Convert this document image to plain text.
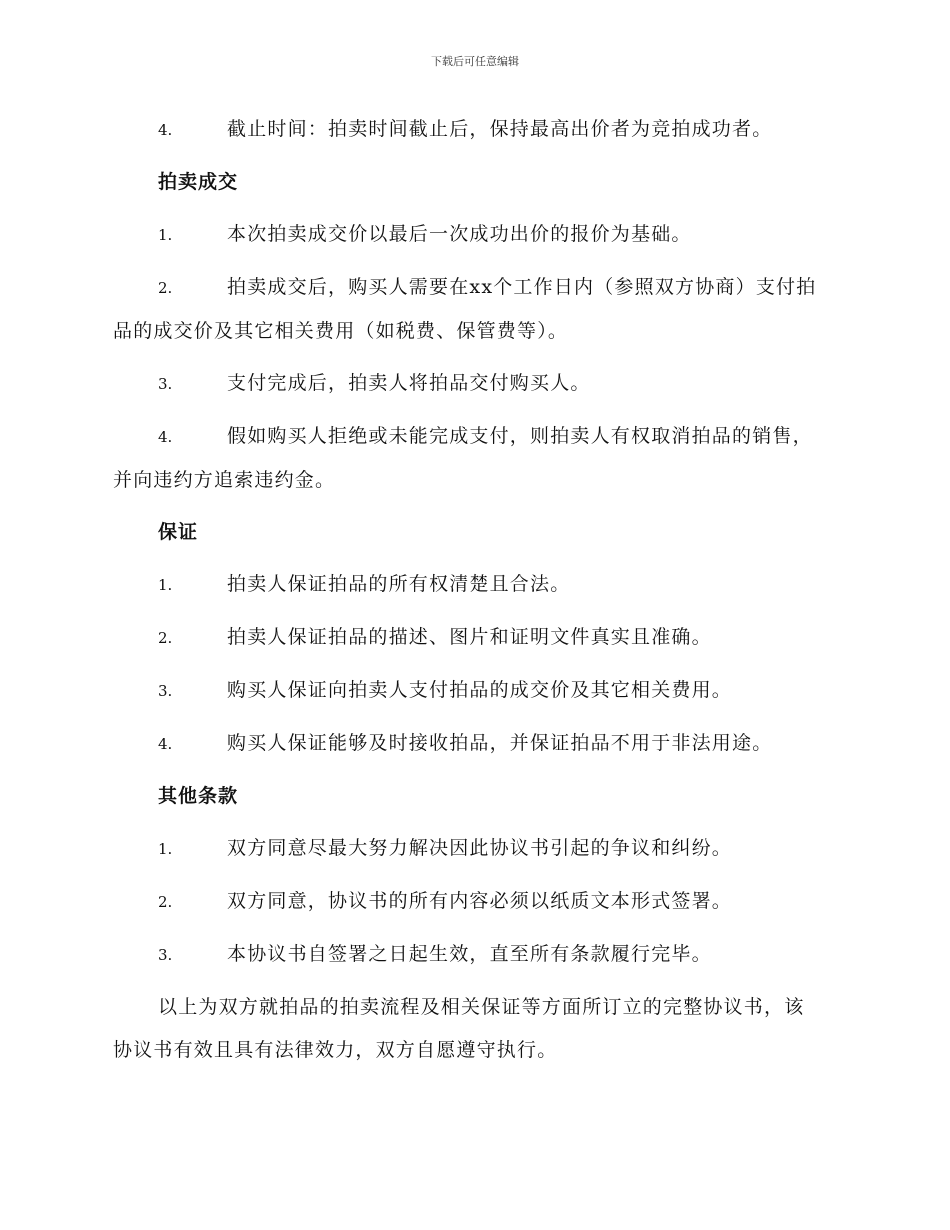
下载后可任意编辑
4.	截止时间：拍卖时间截止后，保持最高出价者为竞拍成功者。
拍卖成交
1.	本次拍卖成交价以最后一次成功出价的报价为基础。
2.	拍卖成交后，购买人需要在xx个工作日内（参照双方协商）支付拍品的成交价及其它相关费用（如税费、保管费等）。
3.	支付完成后，拍卖人将拍品交付购买人。
4.	假如购买人拒绝或未能完成支付，则拍卖人有权取消拍品的销售，并向违约方追索违约金。
保证
1.	拍卖人保证拍品的所有权清楚且合法。
2.	拍卖人保证拍品的描述、图片和证明文件真实且准确。
3.	购买人保证向拍卖人支付拍品的成交价及其它相关费用。
4.	购买人保证能够及时接收拍品，并保证拍品不用于非法用途。
其他条款
1.	双方同意尽最大努力解决因此协议书引起的争议和纠纷。
2.	双方同意，协议书的所有内容必须以纸质文本形式签署。
3.	本协议书自签署之日起生效，直至所有条款履行完毕。

以上为双方就拍品的拍卖流程及相关保证等方面所订立的完整协议书，该协议书有效且具有法律效力，双方自愿遵守执行。
